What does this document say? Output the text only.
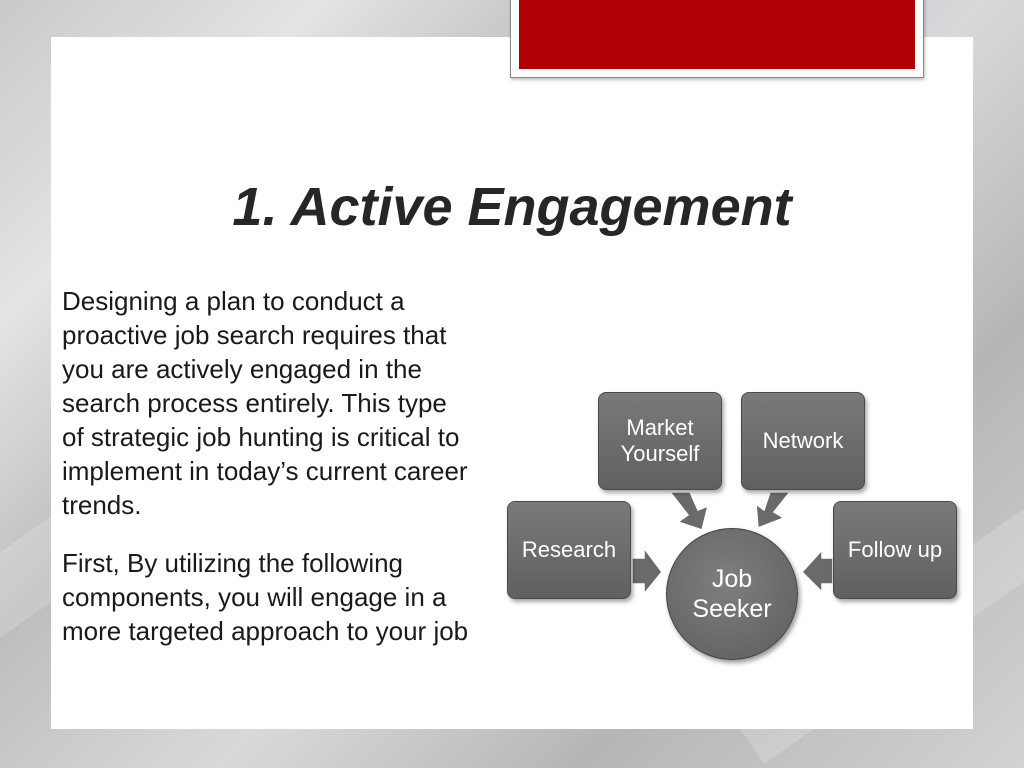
1. Active Engagement

Designing a plan to conduct a proactive job search requires that you are actively engaged in the search process entirely. This type of strategic job hunting is critical to implement in today’s current career trends.

First, By utilizing the following components, you will engage in a more targeted approach to your job

Market
Yourself
Network
Research	Follow up
Job
Seeker
